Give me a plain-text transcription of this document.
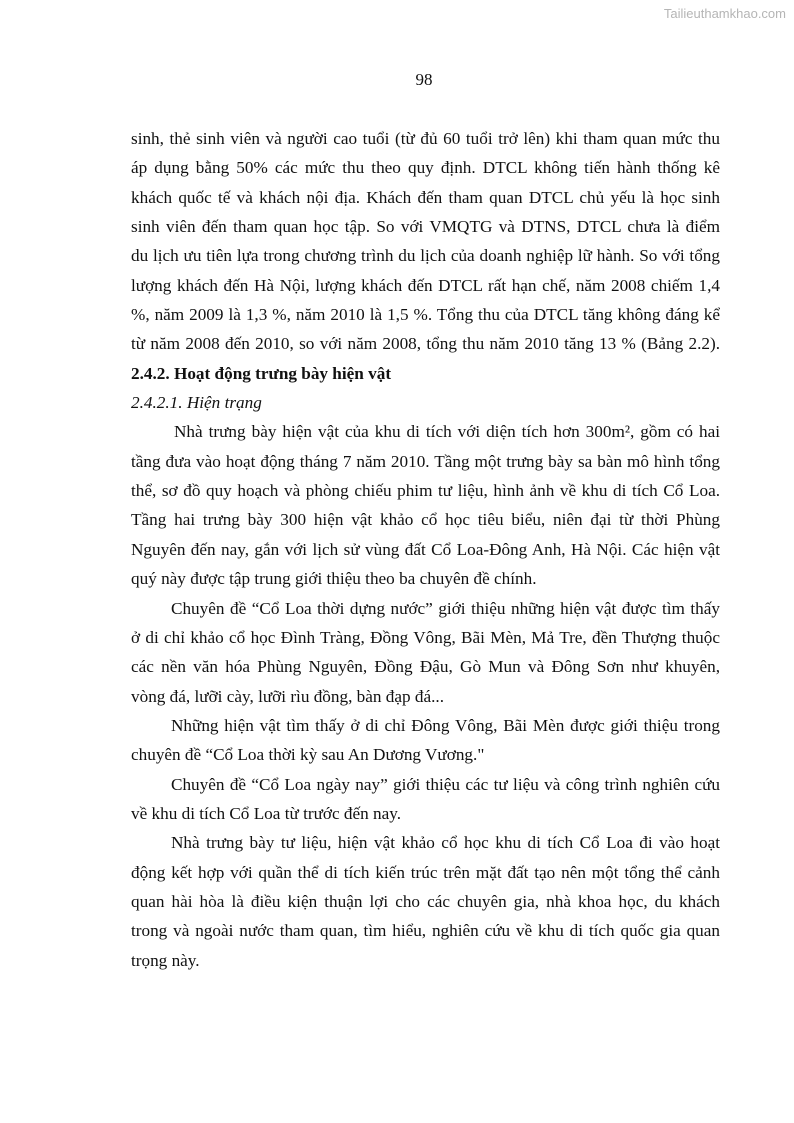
Tailieuthamkhao.com
98
sinh, thẻ sinh viên và người cao tuổi (từ đủ 60 tuổi trở lên) khi tham quan mức thu
áp dụng bằng 50% các mức thu theo quy định. DTCL không tiến hành thống kê
khách quốc tế và khách nội địa. Khách đến tham quan DTCL chủ yếu là học sinh
sinh viên đến tham quan học tập. So với VMQTG và DTNS, DTCL chưa là điểm
du lịch ưu tiên lựa trong chương trình du lịch của doanh nghiệp lữ hành. So với tổng
lượng khách đến Hà Nội, lượng khách đến DTCL rất hạn chế, năm 2008 chiếm 1,4
%, năm 2009 là 1,3 %, năm 2010 là 1,5 %. Tổng thu của DTCL tăng không đáng kể
từ năm 2008 đến 2010, so với năm 2008, tổng thu năm 2010 tăng 13 % (Bảng 2.2).
2.4.2. Hoạt động trưng bày hiện vật
2.4.2.1. Hiện trạng
Nhà trưng bày hiện vật của khu di tích với diện tích hơn 300m², gồm có hai
tầng đưa vào hoạt động tháng 7 năm 2010. Tầng một trưng bày sa bàn mô hình tổng
thể, sơ đồ quy hoạch và phòng chiếu phim tư liệu, hình ảnh về khu di tích Cổ Loa.
Tầng hai trưng bày 300 hiện vật khảo cổ học tiêu biểu, niên đại từ thời Phùng
Nguyên đến nay, gắn với lịch sử vùng đất Cổ Loa-Đông Anh, Hà Nội. Các hiện vật
quý này được tập trung giới thiệu theo ba chuyên đề chính.
Chuyên đề “Cổ Loa thời dựng nước” giới thiệu những hiện vật được tìm thấy
ở di chỉ khảo cổ học Đình Tràng, Đồng Vông, Bãi Mèn, Mả Tre, đền Thượng thuộc
các nền văn hóa Phùng Nguyên, Đồng Đậu, Gò Mun và Đông Sơn như khuyên,
vòng đá, lưỡi cày, lưỡi rìu đồng, bàn đạp đá...
Những hiện vật tìm thấy ở di chỉ Đông Vông, Bãi Mèn được giới thiệu trong
chuyên đề “Cổ Loa thời kỳ sau An Dương Vương."
Chuyên đề “Cổ Loa ngày nay” giới thiệu các tư liệu và công trình nghiên cứu
về khu di tích Cổ Loa từ trước đến nay.
Nhà trưng bày tư liệu, hiện vật khảo cổ học khu di tích Cổ Loa đi vào hoạt
động kết hợp với quần thể di tích kiến trúc trên mặt đất tạo nên một tổng thể cảnh
quan hài hòa là điều kiện thuận lợi cho các chuyên gia, nhà khoa học, du khách
trong và ngoài nước tham quan, tìm hiểu, nghiên cứu về khu di tích quốc gia quan
trọng này.
